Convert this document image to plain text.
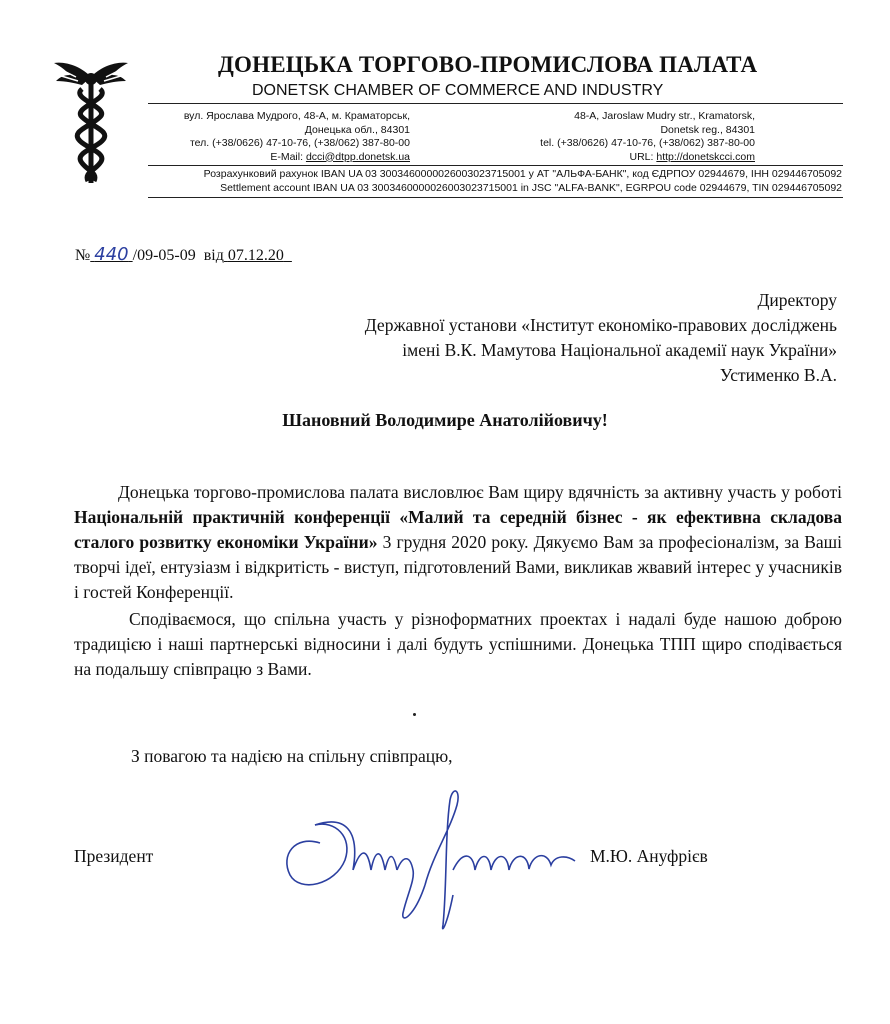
ДОНЕЦЬКА ТОРГОВО-ПРОМИСЛОВА ПАЛАТА
DONETSK CHAMBER OF COMMERCE AND INDUSTRY
вул. Ярослава Мудрого, 48-А, м. Краматорськ,
Донецька обл., 84301
тел. (+38/0626) 47-10-76, (+38/062) 387-80-00
E-Mail: dcci@dtpp.donetsk.ua
48-A, Jaroslaw Mudry str., Kramatorsk,
Donetsk reg., 84301
tel. (+38/0626) 47-10-76, (+38/062) 387-80-00
URL: http://donetskcci.com
Розрахунковий рахунок IBAN UA 03 3003460000026003023715001 у АТ "АЛЬФА-БАНК", код ЄДРПОУ 02944679, ІНН 029446705092
Settlement account IBAN UA 03 3003460000026003023715001 in JSC "ALFA-BANK", EGRPOU code 02944679, TIN 029446705092
№ 440 /09-05-09 від 07.12.20
Директору
Державної установи «Інститут економіко-правових досліджень
імені В.К. Мамутова Національної академії наук України»
Устименко В.А.
Шановний Володимире Анатолійовичу!

Донецька торгово-промислова палата висловлює Вам щиру вдячність за активну участь у роботі Національній практичній конференції «Малий та середній бізнес - як ефективна складова сталого розвитку економіки України» 3 грудня 2020 року. Дякуємо Вам за професіоналізм, за Ваші творчі ідеї, ентузіазм і відкритість - виступ, підготовлений Вами, викликав жвавий інтерес у учасників і гостей Конференції.

Сподіваємося, що спільна участь у різноформатних проектах і надалі буде нашою доброю традицією і наші партнерські відносини і далі будуть успішними. Донецька ТПП щиро сподівається на подальшу співпрацю з Вами.

З повагою та надією на спільну співпрацю,
Президент	М.Ю. Ануфрієв
